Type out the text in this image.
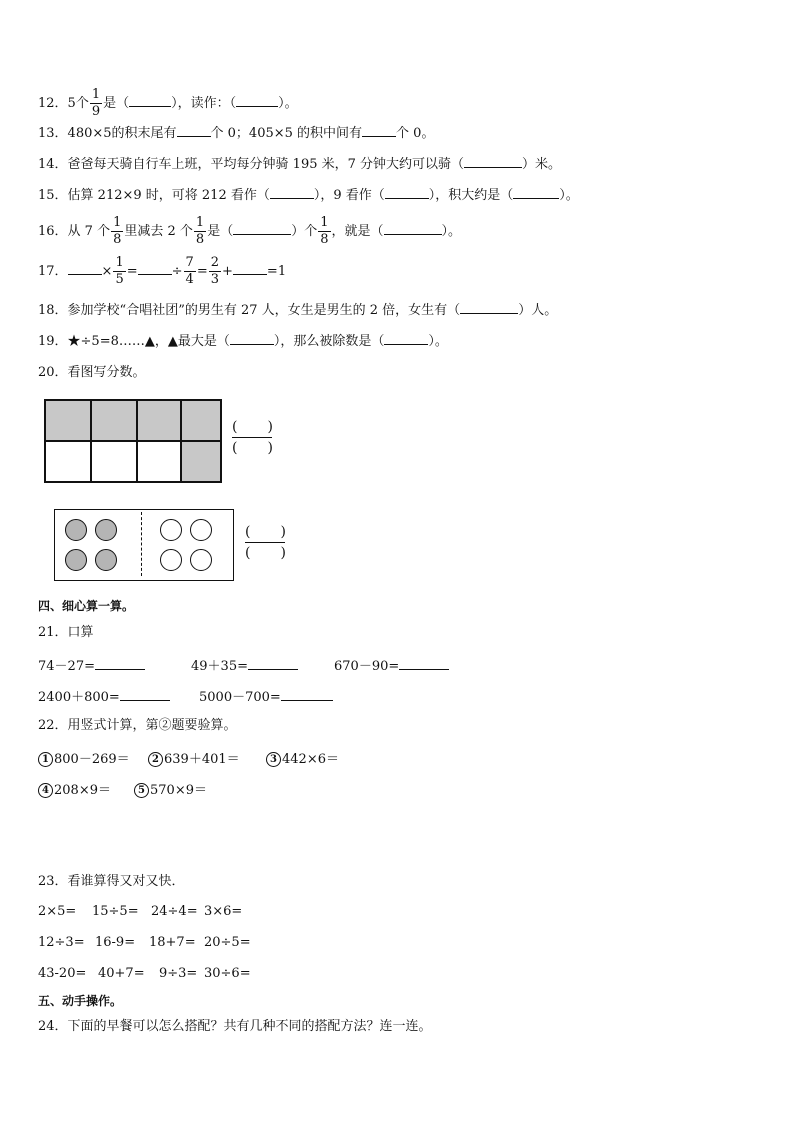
12．5个 $\frac{1}{9}$ 是（	），读作：（	）。
13．480×5的积末尾有	个 0；405×5 的积中间有	个 0。
14．爸爸每天骑自行车上班，平均每分钟骑 195 米，7 分钟大约可以骑（	）米。
15．估算 212×9 时，可将 212 看作（	），9 看作（	），积大约是（	）。
16．从 7 个 $\frac{1}{8}$ 里减去 2 个 $\frac{1}{8}$ 是（	）个 $\frac{1}{8}$ ，就是（	）。
17．	× $\frac{1}{5}$ =	÷ $\frac{7}{4} = \frac{2}{3}$ +	=1
18．参加学校“合唱社团”的男生有 27 人，女生是男生的 2 倍，女生有（	）人。
19．★÷5=8……▲，▲最大是（	），那么被除数是（	）。
20．看图写分数。
( )
( )
( )
( )
四、细心算一算。
21．口算
74－27=	49＋35=	670－90=
2400＋800=	5000－700=
22．用竖式计算，第②题要验算。
1 800－269＝ 2 639＋401＝	3 442×6＝
4 208×9＝	5 570×9＝
23．看谁算得又对又快．
2×5= 15÷5= 24÷4= 3×6=
12÷3= 16-9= 18+7= 20÷5=
43-20= 40+7= 9÷3= 30÷6=
五、动手操作。
24．下面的早餐可以怎么搭配？共有几种不同的搭配方法？连一连。
